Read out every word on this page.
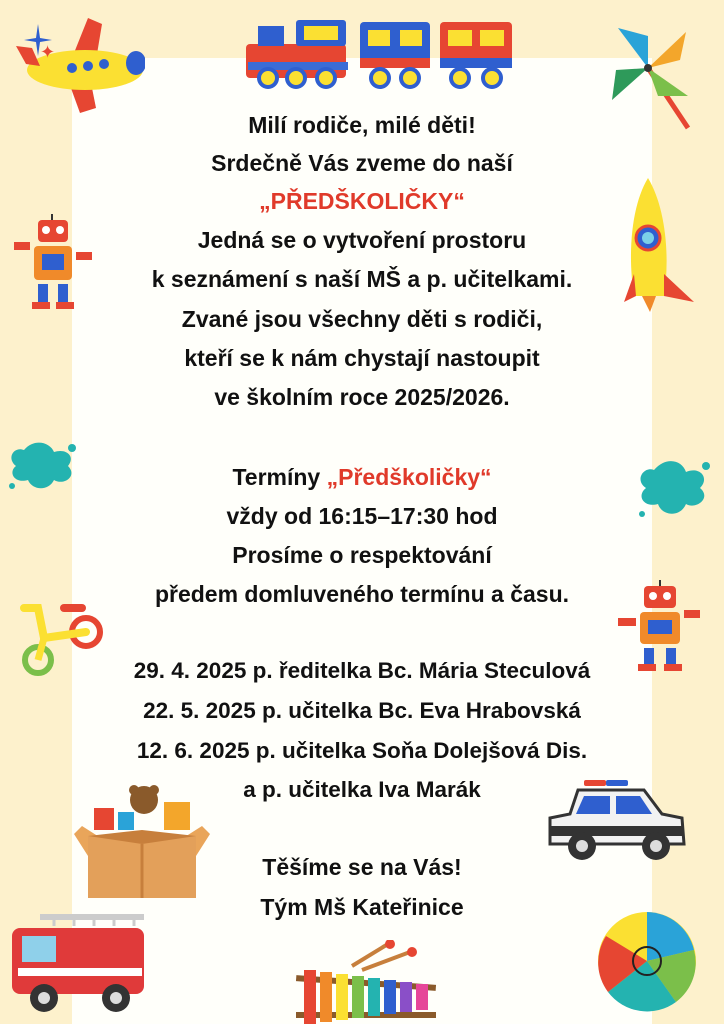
Milí rodiče, milé děti!
Srdečně Vás zveme do naší
„PŘEDŠKOLIČKY“
Jedná se o vytvoření prostoru
k seznámení s naší MŠ a p. učitelkami.
Zvané jsou všechny děti s rodiči,
kteří se k nám chystají nastoupit
ve školním roce 2025/2026.
Termíny „Předškoličky“
vždy od 16:15–17:30 hod
Prosíme o respektování
předem domluveného termínu a času.
29. 4. 2025 p. ředitelka Bc. Mária Steculová
22. 5. 2025 p. učitelka Bc. Eva Hrabovská
12. 6. 2025 p. učitelka Soňa Dolejšová Dis.
a p. učitelka Iva Marák
Těšíme se na Vás!
Tým Mš Kateřinice
✦
